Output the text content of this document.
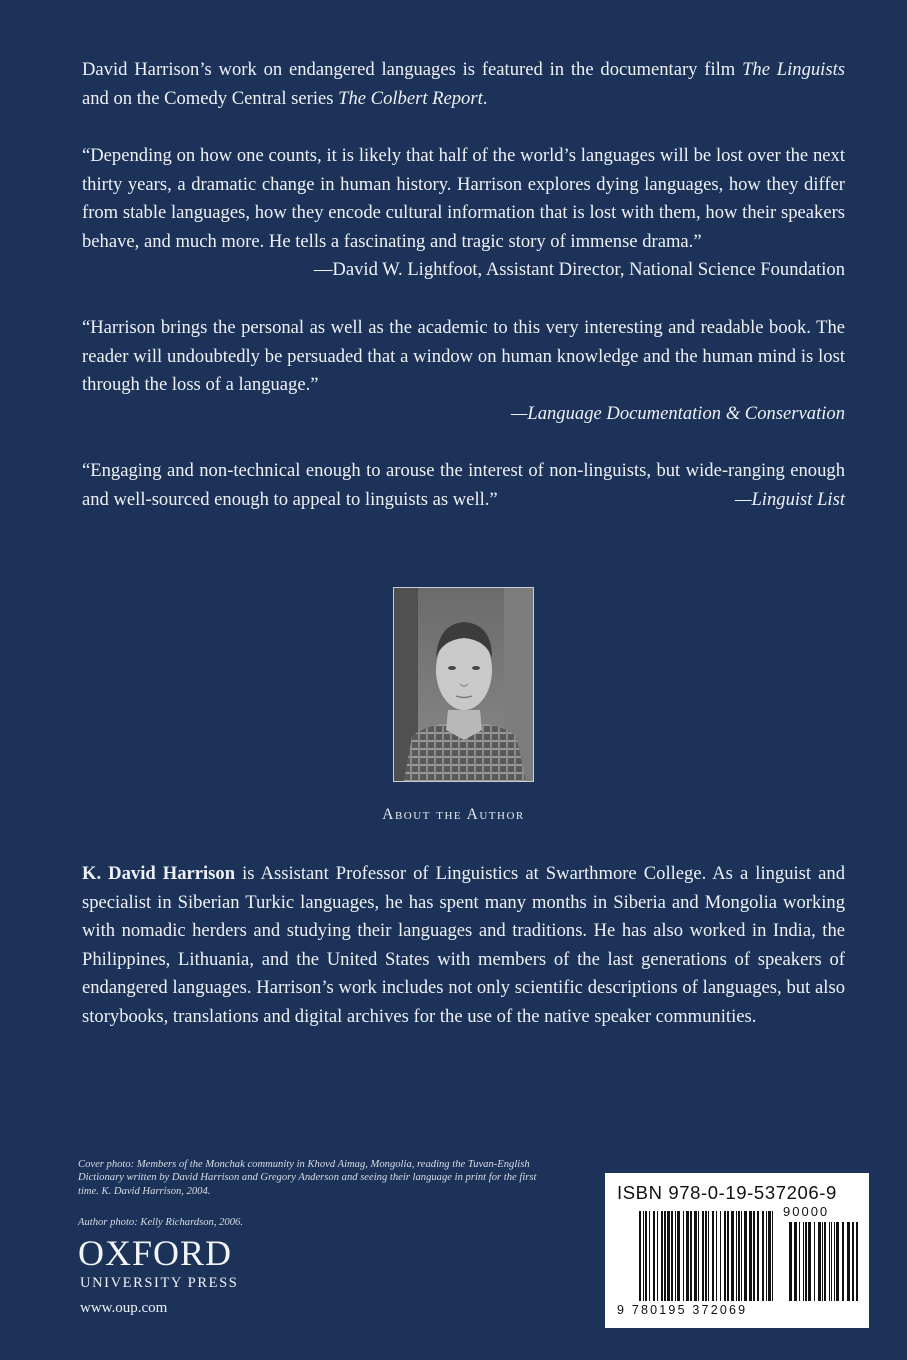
David Harrison’s work on endangered languages is featured in the documentary film The Linguists and on the Comedy Central series The Colbert Report.
“Depending on how one counts, it is likely that half of the world’s languages will be lost over the next thirty years, a dramatic change in human history. Harrison explores dying languages, how they differ from stable languages, how they encode cultural information that is lost with them, how their speakers behave, and much more. He tells a fascinating and tragic story of immense drama.”
—David W. Lightfoot, Assistant Director, National Science Foundation
“Harrison brings the personal as well as the academic to this very interesting and readable book. The reader will undoubtedly be persuaded that a window on human knowledge and the human mind is lost through the loss of a language.”
—Language Documentation & Conservation
“Engaging and non-technical enough to arouse the interest of non-linguists, but wide-ranging enough and well-sourced enough to appeal to linguists as well.”	—Linguist List
About the Author
K. David Harrison is Assistant Professor of Linguistics at Swarthmore College. As a linguist and specialist in Siberian Turkic languages, he has spent many months in Siberia and Mongolia working with nomadic herders and studying their languages and traditions. He has also worked in India, the Philippines, Lithuania, and the United States with members of the last generations of speakers of endangered languages. Harrison’s work includes not only scientific descriptions of languages, but also storybooks, translations and digital archives for the use of the native speaker communities.
Cover photo: Members of the Monchak community in Khovd Aimag, Mongolia, reading the Tuvan-English Dictionary written by David Harrison and Gregory Anderson and seeing their language in print for the first time. K. David Harrison, 2004.
Author photo: Kelly Richardson, 2006.
OXFORD
UNIVERSITY PRESS
www.oup.com
ISBN 978-0-19-537206-9
90000
9 780195 372069
